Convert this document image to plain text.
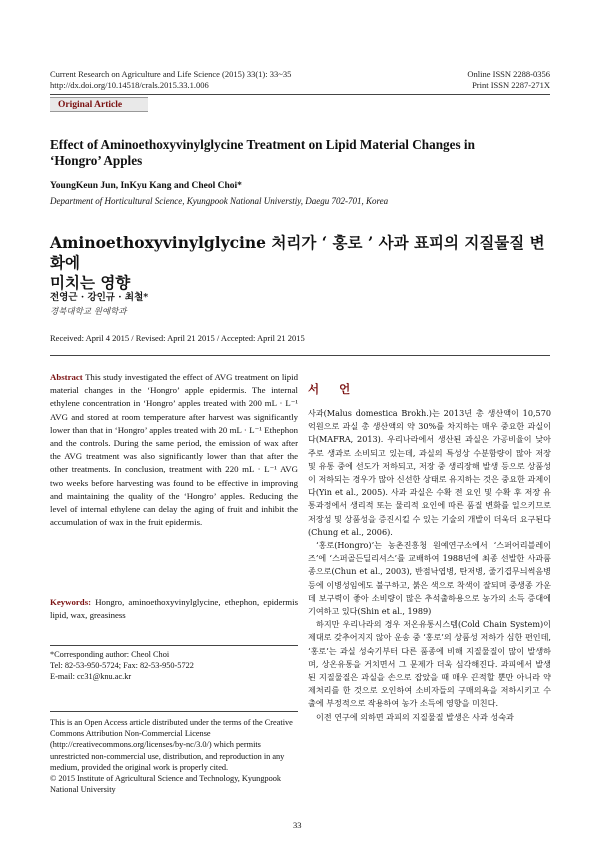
Current Research on Agriculture and Life Science (2015) 33(1): 33~35
http://dx.doi.org/10.14518/crals.2015.33.1.006
Online ISSN 2288-0356
Print ISSN 2287-271X
Original Article
Effect of Aminoethoxyvinylglycine Treatment on Lipid Material Changes in
‘Hongro’ Apples
YoungKeun Jun, InKyu Kang and Cheol Choi*
Department of Horticultural Science, Kyungpook National Universtiy, Daegu 702-701, Korea
Aminoethoxyvinylglycine 처리가 ‘ 홍로 ’ 사과 표피의 지질물질 변화에
미치는 영향
전영근 · 강인규 · 최철*
경북대학교 원예학과
Received: April 4 2015 / Revised: April 21 2015 / Accepted: April 21 2015
Abstract This study investigated the effect of AVG treatment on lipid material changes in the ‘Hongro’ apple epidermis. The internal ethylene concentration in ‘Hongro’ apples treated with 200 mL · L⁻¹ AVG and stored at room temperature after harvest was significantly lower than that in ‘Hongro’ apples treated with 20 mL · L⁻¹ Ethephon and the controls. During the same period, the emission of wax after the AVG treatment was also significantly lower than that after the other treatments. In conclusion, treatment with 220 mL · L⁻¹ AVG two weeks before harvesting was found to be effective in improving and maintaining the quality of the ‘Hongro’ apples. Reducing the level of internal ethylene can delay the aging of fruit and inhibit the accumulation of wax in the fruit epidermis.
Keywords: Hongro, aminoethoxyvinylglycine, ethephon, epidermis lipid, wax, greasiness
*Corresponding author: Cheol Choi
Tel: 82-53-950-5724; Fax: 82-53-950-5722
E-mail: cc31@knu.ac.kr
This is an Open Access article distributed under the terms of the Creative Commons Attribution Non-Commercial License (http://creativecommons.org/licenses/by-nc/3.0/) which permits unrestricted non-commercial use, distribution, and reproduction in any medium, provided the original work is properly cited.
© 2015 Institute of Agricultural Science and Technology, Kyungpook National University
서 언

사과(Malus domestica Brokh.)는 2013년 총 생산액이 10,570억원으로 과실 총 생산액의 약 30%를 차지하는 매우 중요한 과실이다(MAFRA, 2013). 우리나라에서 생산된 과실은 가공비율이 낮아 주로 생과로 소비되고 있는데, 과실의 특성상 수분함량이 많아 저장 및 유통 중에 선도가 저하되고, 저장 중 생리장해 발생 등으로 상품성이 저하되는 경우가 많아 신선한 상태로 유지하는 것은 중요한 과제이다(Yin et al., 2005). 사과 과실은 수확 전 요인 및 수확 후 저장 유통과정에서 생리적 또는 물리적 요인에 따른 품질 변화를 일으키므로 저장성 및 상품성을 증진시킬 수 있는 기술의 개발이 더욱더 요구된다(Chung et al., 2006).

‘홍로(Hongro)’는 농촌진흥청 원예연구소에서 ‘스퍼어리블레이즈’에 ‘스퍼골든딜리셔스’를 교배하여 1988년에 최종 선발한 사과품종으로(Chun et al., 2003), 반점낙엽병, 탄저병, 줄기겹무늬썩음병 등에 이병성임에도 불구하고, 붉은 색으로 착색이 잘되며 중생종 가운데 보구력이 좋아 소비량이 많은 추석출하용으로 농가의 소득 증대에 기여하고 있다(Shin et al., 1989)

하지만 우리나라의 경우 저온유통시스템(Cold Chain System)이 제대로 갖추어지지 않아 운송 중 ‘홍로’의 상품성 저하가 심한 편인데, ‘홍로’는 과실 성숙기부터 다른 품종에 비해 지질물질이 많이 발생하며, 상온유통을 거치면서 그 문제가 더욱 심각해진다. 과피에서 발생된 지질물질은 과실을 손으로 잡았을 때 매우 끈적할 뿐만 아니라 약제처리를 한 것으로 오인하여 소비자들의 구매의욕을 저하시키고 수출에 부정적으로 작용하여 농가 소득에 영향을 미친다.

이전 연구에 의하면 과피의 지질물질 발생은 사과 성숙과

33
